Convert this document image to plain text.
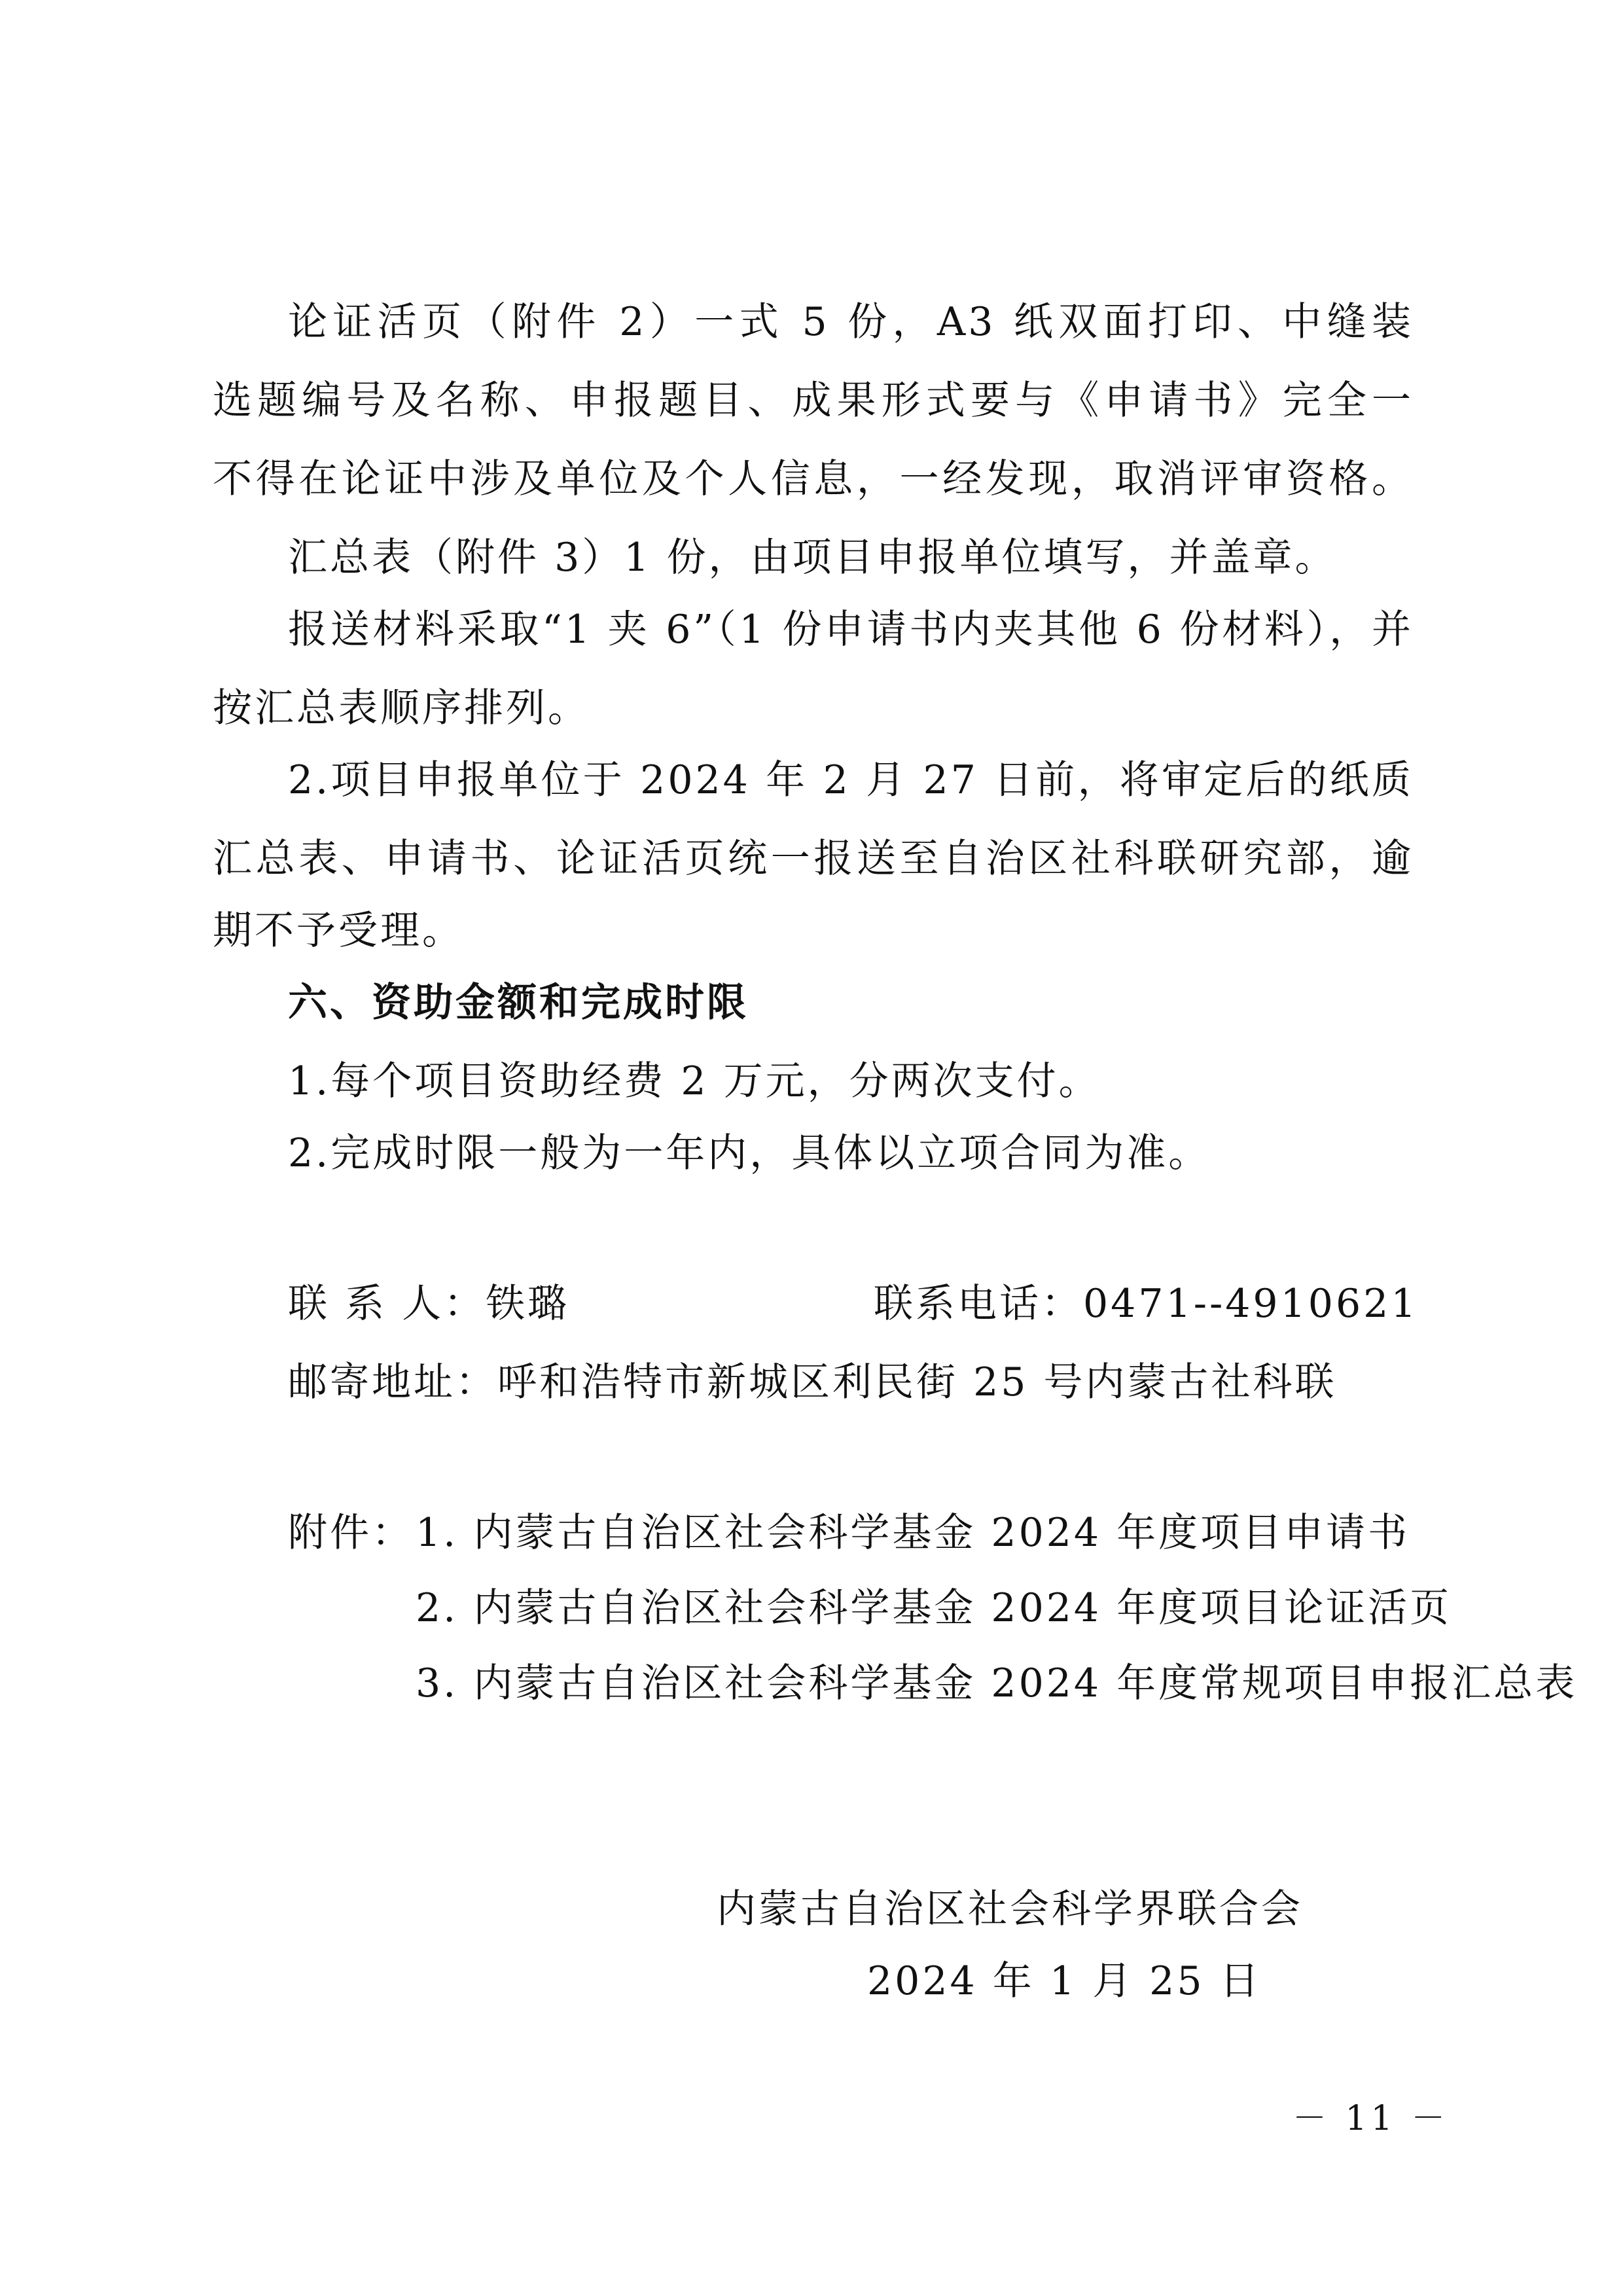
论证活页（附件 2）一式 5 份，A3 纸双面打印、中缝装
选题编号及名称、申报题目、成果形式要与《申请书》完全一
不得在论证中涉及单位及个人信息，一经发现，取消评审资格。
汇总表（附件 3）1 份，由项目申报单位填写，并盖章。
报送材料采取“1 夹 6”（1 份申请书内夹其他 6 份材料），并
按汇总表顺序排列。
2.项目申报单位于 2024 年 2 月 27 日前，将审定后的纸质
汇总表、申请书、论证活页统一报送至自治区社科联研究部，逾
期不予受理。
六、资助金额和完成时限
1.每个项目资助经费 2 万元，分两次支付。
2.完成时限一般为一年内，具体以立项合同为准。
联 系 人：铁璐	联系电话：0471--4910621
邮寄地址：呼和浩特市新城区利民街 25 号内蒙古社科联
附件： 1. 内蒙古自治区社会科学基金 2024 年度项目申请书
2. 内蒙古自治区社会科学基金 2024 年度项目论证活页
3. 内蒙古自治区社会科学基金 2024 年度常规项目申报汇总表
内蒙古自治区社会科学界联合会
2024 年 1 月 25 日
－ 11 －
